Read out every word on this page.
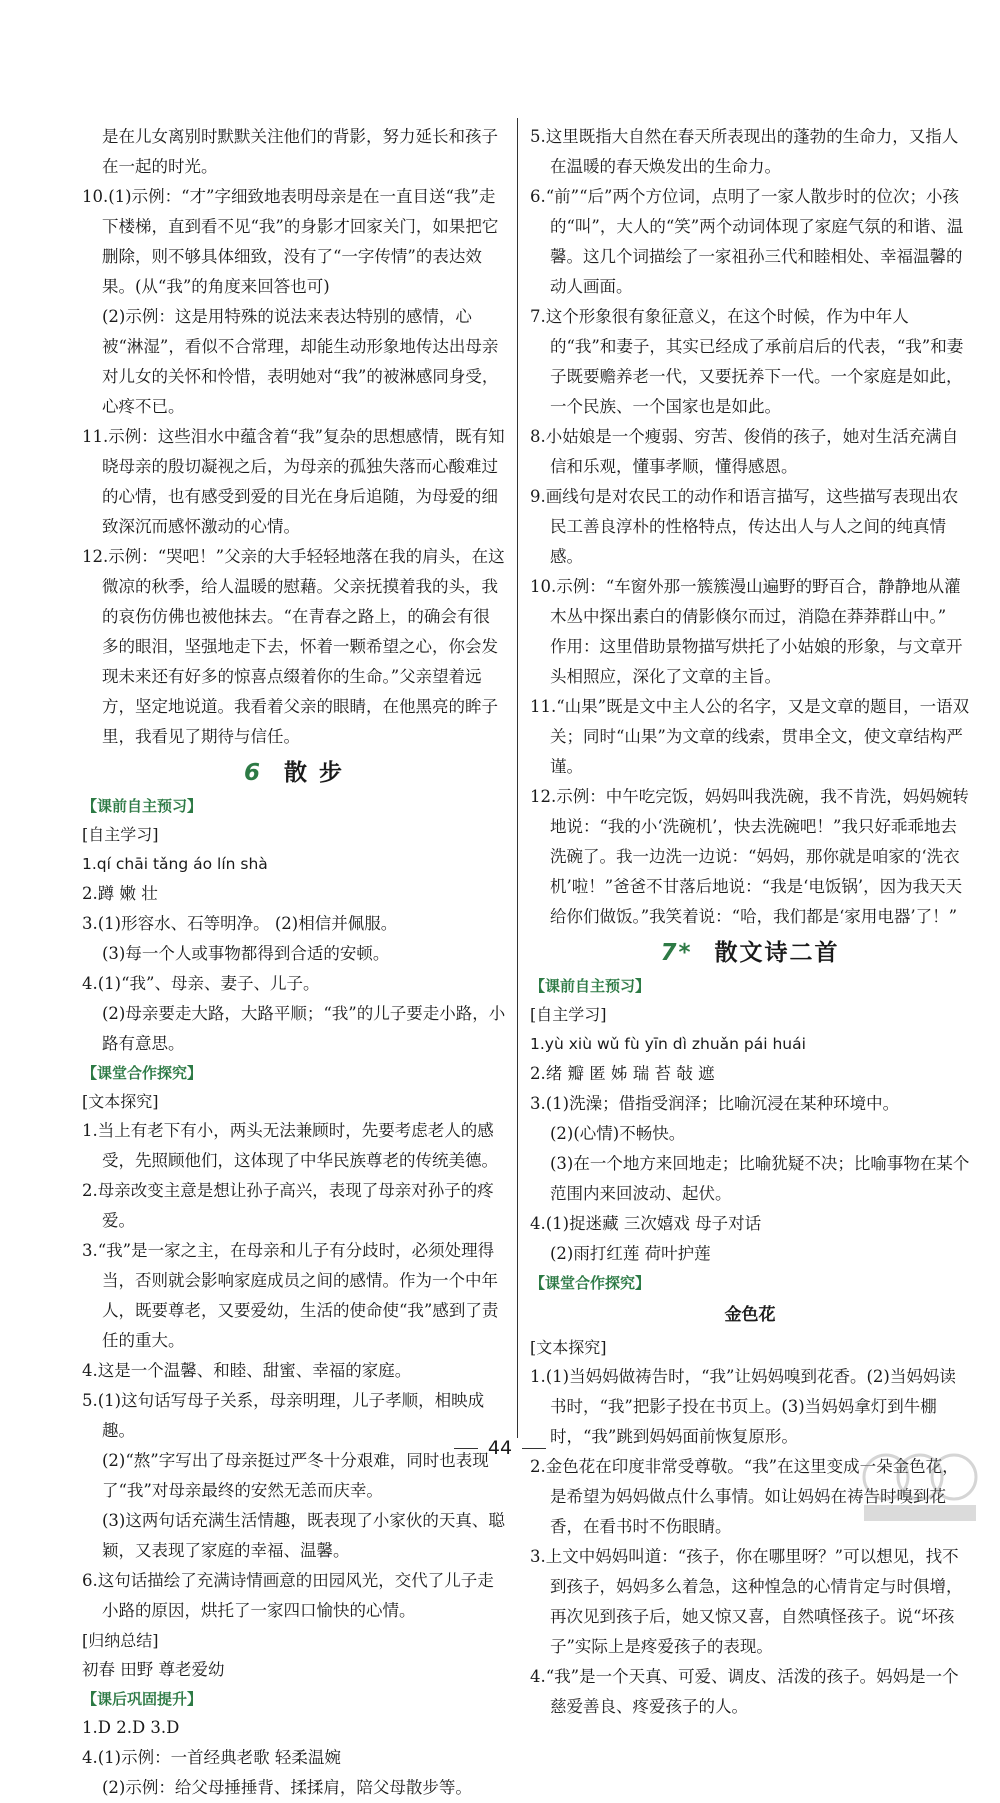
是在儿女离别时默默关注他们的背影，努力延长和孩子在一起的时光。

10.(1)示例：“才”字细致地表明母亲是在一直目送“我”走下楼梯，直到看不见“我”的身影才回家关门，如果把它删除，则不够具体细致，没有了“一字传情”的表达效果。(从“我”的角度来回答也可)

(2)示例：这是用特殊的说法来表达特别的感情，心被“淋湿”，看似不合常理，却能生动形象地传达出母亲对儿女的关怀和怜惜，表明她对“我”的被淋感同身受，心疼不已。

11.示例：这些泪水中蕴含着“我”复杂的思想感情，既有知晓母亲的殷切凝视之后，为母亲的孤独失落而心酸难过的心情，也有感受到爱的目光在身后追随，为母爱的细致深沉而感怀激动的心情。

12.示例：“哭吧！”父亲的大手轻轻地落在我的肩头，在这微凉的秋季，给人温暖的慰藉。父亲抚摸着我的头，我的哀伤仿佛也被他抹去。“在青春之路上，的确会有很多的眼泪，坚强地走下去，怀着一颗希望之心，你会发现未来还有好多的惊喜点缀着你的生命。”父亲望着远方，坚定地说道。我看着父亲的眼睛，在他黑亮的眸子里，我看见了期待与信任。

6 散 步
【课前自主预习】
[自主学习]

1.qí chāi tǎng áo lín shà

2.蹲 嫩 壮

3.(1)形容水、石等明净。 (2)相信并佩服。

(3)每一个人或事物都得到合适的安顿。

4.(1)“我”、母亲、妻子、儿子。

(2)母亲要走大路，大路平顺；“我”的儿子要走小路，小路有意思。

【课堂合作探究】
[文本探究]

1.当上有老下有小，两头无法兼顾时，先要考虑老人的感受，先照顾他们，这体现了中华民族尊老的传统美德。

2.母亲改变主意是想让孙子高兴，表现了母亲对孙子的疼爱。

3.“我”是一家之主，在母亲和儿子有分歧时，必须处理得当，否则就会影响家庭成员之间的感情。作为一个中年人，既要尊老，又要爱幼，生活的使命使“我”感到了责任的重大。

4.这是一个温馨、和睦、甜蜜、幸福的家庭。

5.(1)这句话写母子关系，母亲明理，儿子孝顺，相映成趣。

(2)“熬”字写出了母亲挺过严冬十分艰难，同时也表现了“我”对母亲最终的安然无恙而庆幸。

(3)这两句话充满生活情趣，既表现了小家伙的天真、聪颖，又表现了家庭的幸福、温馨。

6.这句话描绘了充满诗情画意的田园风光，交代了儿子走小路的原因，烘托了一家四口愉快的心情。

[归纳总结]

初春 田野 尊老爱幼

【课后巩固提升】

1.D 2.D 3.D

4.(1)示例：一首经典老歌 轻柔温婉

(2)示例：给父母捶捶背、揉揉肩，陪父母散步等。

5.这里既指大自然在春天所表现出的蓬勃的生命力，又指人在温暖的春天焕发出的生命力。

6.“前”“后”两个方位词，点明了一家人散步时的位次；小孩的“叫”，大人的“笑”两个动词体现了家庭气氛的和谐、温馨。这几个词描绘了一家祖孙三代和睦相处、幸福温馨的动人画面。

7.这个形象很有象征意义，在这个时候，作为中年人的“我”和妻子，其实已经成了承前启后的代表，“我”和妻子既要赡养老一代，又要抚养下一代。一个家庭是如此，一个民族、一个国家也是如此。

8.小姑娘是一个瘦弱、穷苦、俊俏的孩子，她对生活充满自信和乐观，懂事孝顺，懂得感恩。

9.画线句是对农民工的动作和语言描写，这些描写表现出农民工善良淳朴的性格特点，传达出人与人之间的纯真情感。

10.示例：“车窗外那一簇簇漫山遍野的野百合，静静地从灌木丛中探出素白的倩影倏尔而过，消隐在莽莽群山中。”

作用：这里借助景物描写烘托了小姑娘的形象，与文章开头相照应，深化了文章的主旨。

11.“山果”既是文中主人公的名字，又是文章的题目，一语双关；同时“山果”为文章的线索，贯串全文，使文章结构严谨。

12.示例：中午吃完饭，妈妈叫我洗碗，我不肯洗，妈妈婉转地说：“我的小‘洗碗机’，快去洗碗吧！”我只好乖乖地去洗碗了。我一边洗一边说：“妈妈，那你就是咱家的‘洗衣机’啦！”爸爸不甘落后地说：“我是‘电饭锅’，因为我天天给你们做饭。”我笑着说：“哈，我们都是‘家用电器’了！”

7* 散文诗二首
【课前自主预习】
[自主学习]

1.yù xiù wǔ fù yīn dì zhuǎn pái huái

2.绪 瓣 匿 姊 瑞 苔 敧 遮

3.(1)洗澡；借指受润泽；比喻沉浸在某种环境中。

(2)(心情)不畅快。

(3)在一个地方来回地走；比喻犹疑不决；比喻事物在某个范围内来回波动、起伏。

4.(1)捉迷藏 三次嬉戏 母子对话

(2)雨打红莲 荷叶护莲

【课堂合作探究】
金色花
[文本探究]

1.(1)当妈妈做祷告时，“我”让妈妈嗅到花香。(2)当妈妈读书时，“我”把影子投在书页上。(3)当妈妈拿灯到牛棚时，“我”跳到妈妈面前恢复原形。

2.金色花在印度非常受尊敬。“我”在这里变成一朵金色花，是希望为妈妈做点什么事情。如让妈妈在祷告时嗅到花香，在看书时不伤眼睛。

3.上文中妈妈叫道：“孩子，你在哪里呀？”可以想见，找不到孩子，妈妈多么着急，这种惶急的心情肯定与时俱增，再次见到孩子后，她又惊又喜，自然嗔怪孩子。说“坏孩子”实际上是疼爱孩子的表现。

4.“我”是一个天真、可爱、调皮、活泼的孩子。妈妈是一个慈爱善良、疼爱孩子的人。

44
